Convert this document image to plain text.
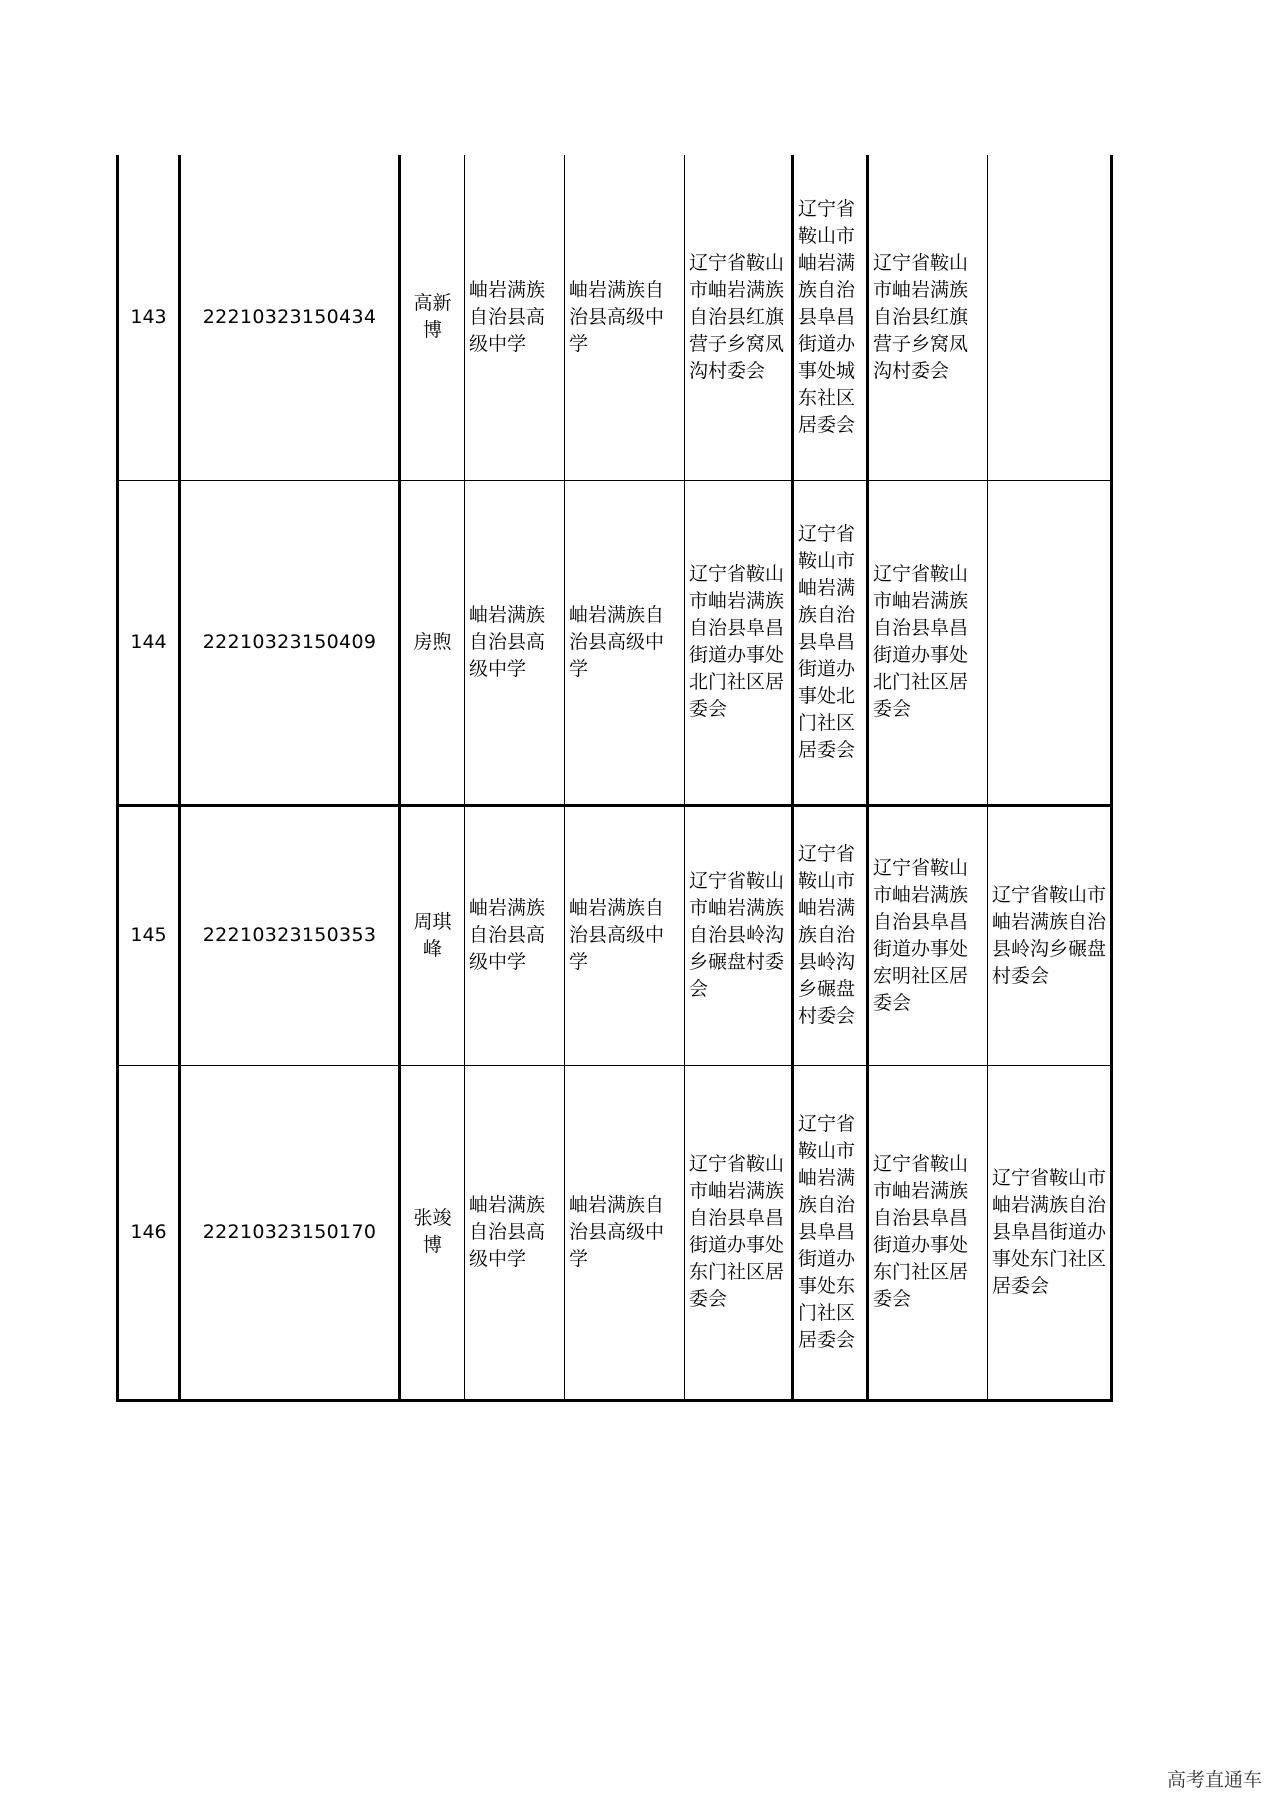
143	22210323150434	高新博	岫岩满族自治县高级中学	岫岩满族自治县高级中学	辽宁省鞍山市岫岩满族自治县红旗营子乡窝凤沟村委会	辽宁省鞍山市岫岩满族自治县阜昌街道办事处城东社区居委会	辽宁省鞍山市岫岩满族自治县红旗营子乡窝凤沟村委会	
144	22210323150409	房煦	岫岩满族自治县高级中学	岫岩满族自治县高级中学	辽宁省鞍山市岫岩满族自治县阜昌街道办事处北门社区居委会	辽宁省鞍山市岫岩满族自治县阜昌街道办事处北门社区居委会	辽宁省鞍山市岫岩满族自治县阜昌街道办事处北门社区居委会	
145	22210323150353	周琪峰	岫岩满族自治县高级中学	岫岩满族自治县高级中学	辽宁省鞍山市岫岩满族自治县岭沟乡碾盘村委会	辽宁省鞍山市岫岩满族自治县岭沟乡碾盘村委会	辽宁省鞍山市岫岩满族自治县阜昌街道办事处宏明社区居委会	辽宁省鞍山市岫岩满族自治县岭沟乡碾盘村委会
146	22210323150170	张竣博	岫岩满族自治县高级中学	岫岩满族自治县高级中学	辽宁省鞍山市岫岩满族自治县阜昌街道办事处东门社区居委会	辽宁省鞍山市岫岩满族自治县阜昌街道办事处东门社区居委会	辽宁省鞍山市岫岩满族自治县阜昌街道办事处东门社区居委会	辽宁省鞍山市岫岩满族自治县阜昌街道办事处东门社区居委会
高考直通车
